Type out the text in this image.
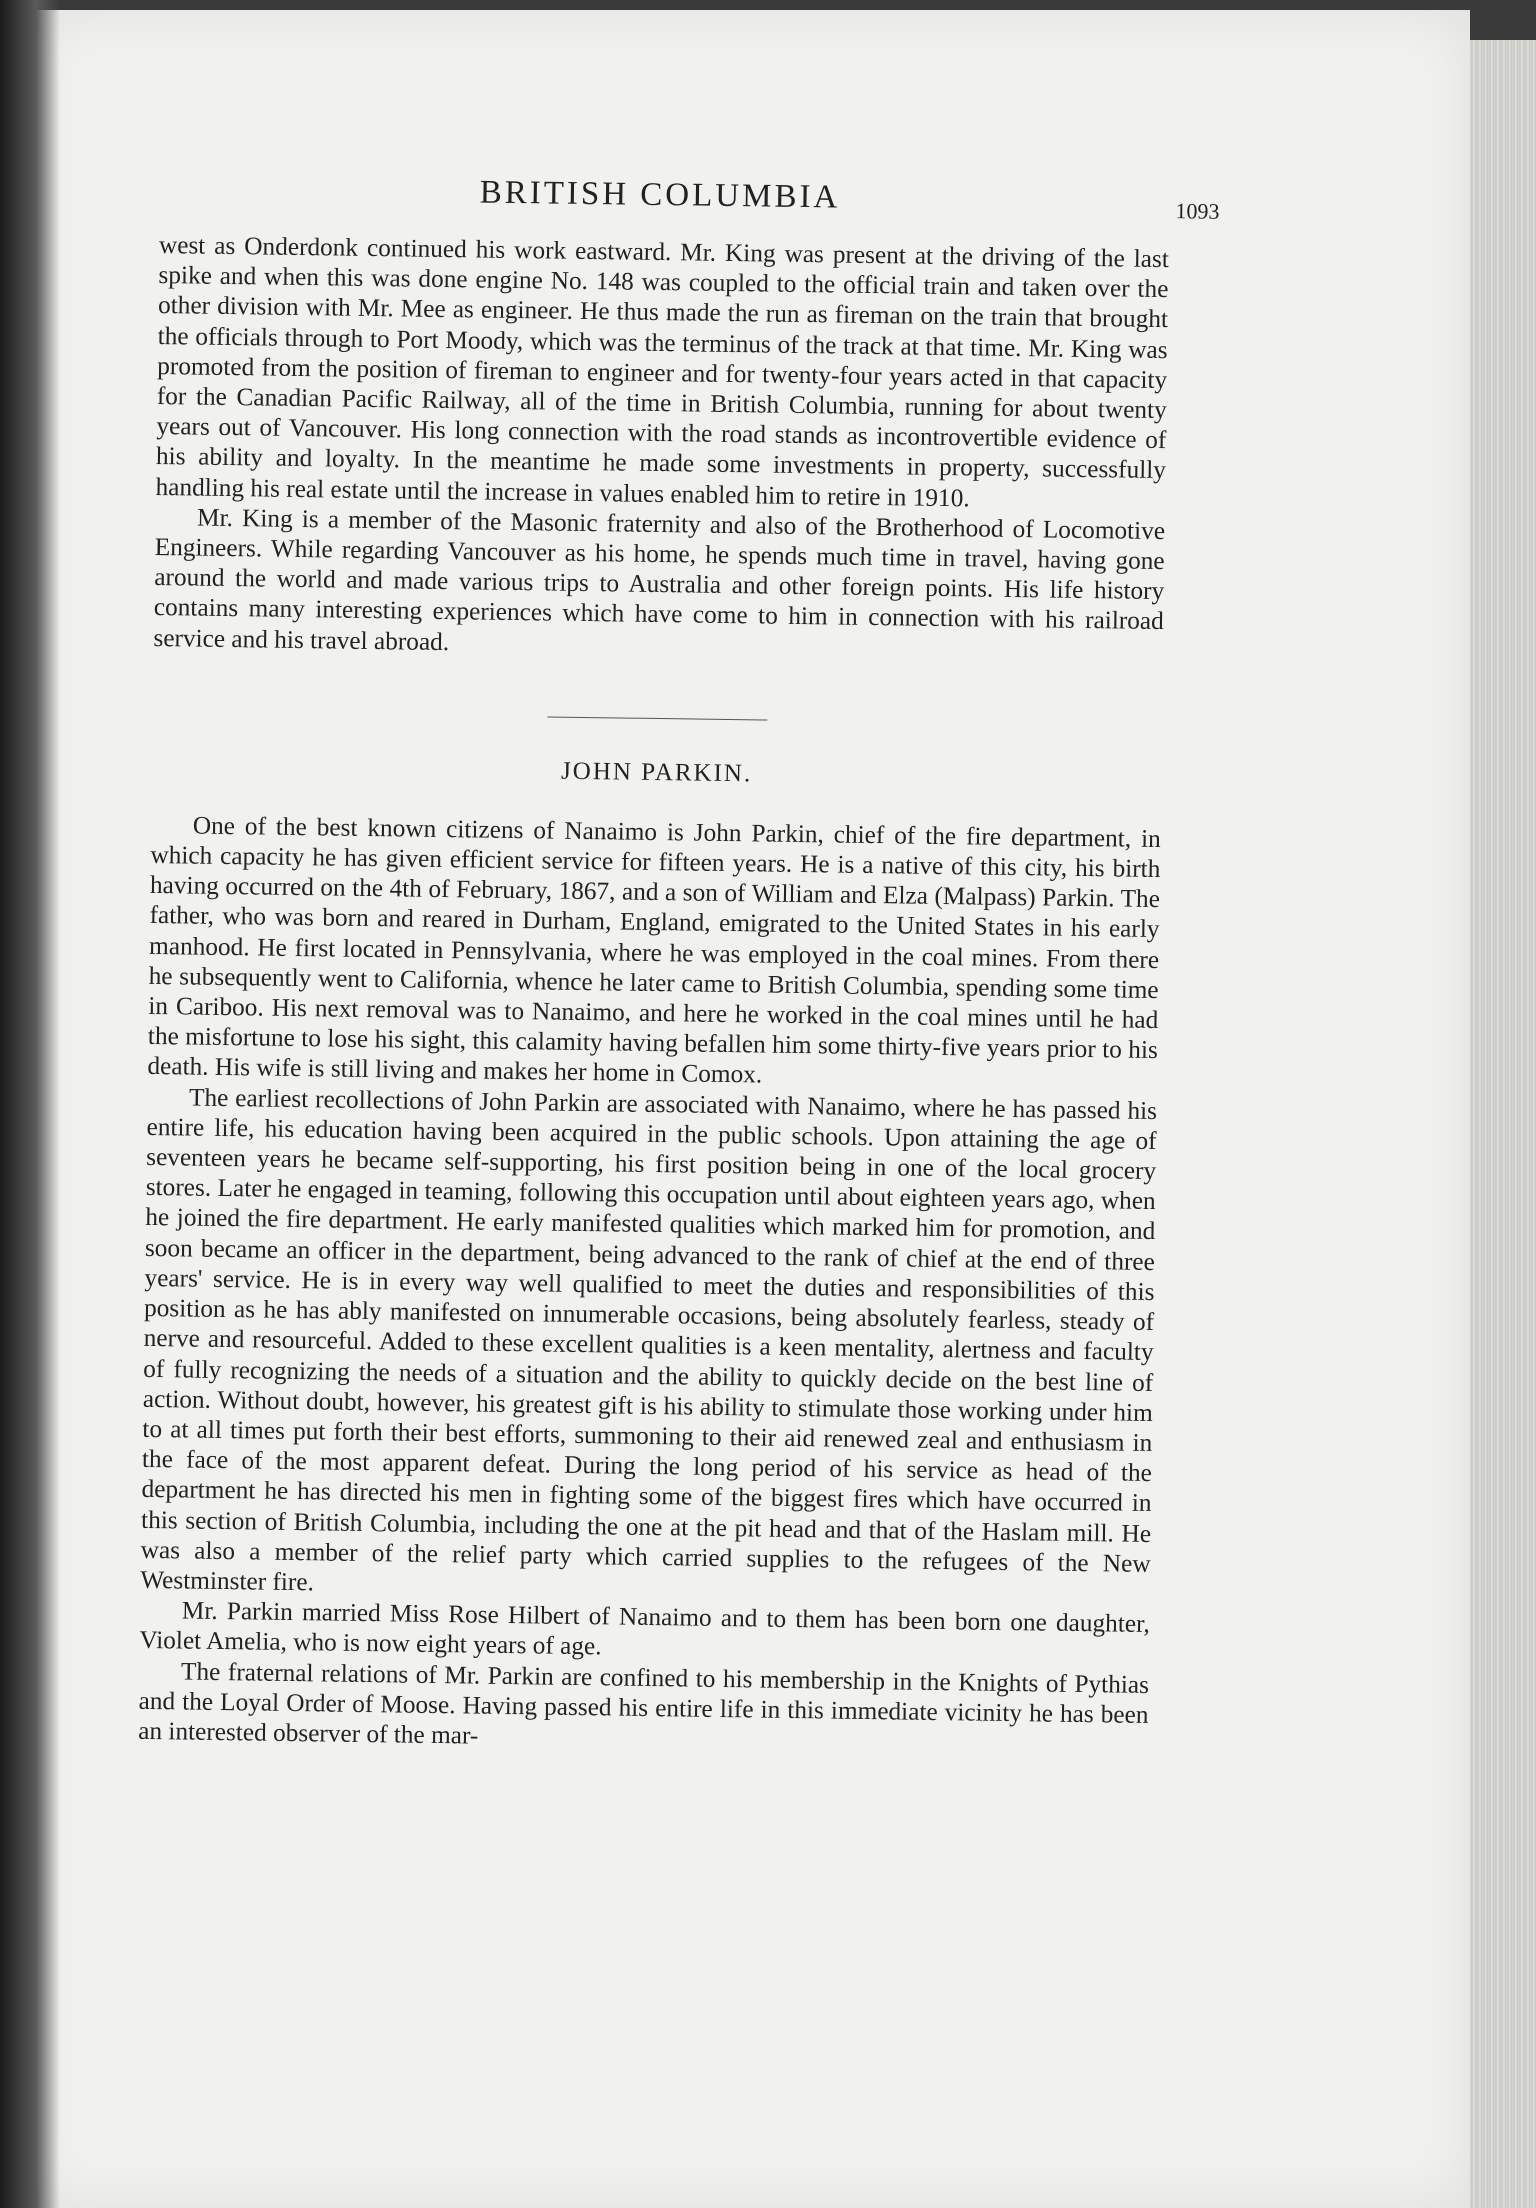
BRITISH COLUMBIA	1093

west as Onderdonk continued his work eastward. Mr. King was present at the driving of the last spike and when this was done engine No. 148 was coupled to the official train and taken over the other division with Mr. Mee as engineer. He thus made the run as fireman on the train that brought the officials through to Port Moody, which was the terminus of the track at that time. Mr. King was promoted from the position of fireman to engineer and for twenty-four years acted in that capacity for the Canadian Pacific Railway, all of the time in British Columbia, running for about twenty years out of Vancouver. His long connection with the road stands as incontrovertible evidence of his ability and loyalty. In the meantime he made some investments in property, successfully handling his real estate until the increase in values enabled him to retire in 1910.

Mr. King is a member of the Masonic fraternity and also of the Brotherhood of Locomotive Engineers. While regarding Vancouver as his home, he spends much time in travel, having gone around the world and made various trips to Australia and other foreign points. His life history contains many interesting experiences which have come to him in connection with his railroad service and his travel abroad.

JOHN PARKIN.

One of the best known citizens of Nanaimo is John Parkin, chief of the fire department, in which capacity he has given efficient service for fifteen years. He is a native of this city, his birth having occurred on the 4th of February, 1867, and a son of William and Elza (Malpass) Parkin. The father, who was born and reared in Durham, England, emigrated to the United States in his early manhood. He first located in Pennsylvania, where he was employed in the coal mines. From there he subsequently went to California, whence he later came to British Columbia, spending some time in Cariboo. His next removal was to Nanaimo, and here he worked in the coal mines until he had the misfortune to lose his sight, this calamity having befallen him some thirty-five years prior to his death. His wife is still living and makes her home in Comox.

The earliest recollections of John Parkin are associated with Nanaimo, where he has passed his entire life, his education having been acquired in the public schools. Upon attaining the age of seventeen years he became self-supporting, his first position being in one of the local grocery stores. Later he engaged in teaming, following this occupation until about eighteen years ago, when he joined the fire department. He early manifested qualities which marked him for promotion, and soon became an officer in the department, being advanced to the rank of chief at the end of three years' service. He is in every way well qualified to meet the duties and responsibilities of this position as he has ably manifested on innumerable occasions, being absolutely fearless, steady of nerve and resourceful. Added to these excellent qualities is a keen mentality, alertness and faculty of fully recognizing the needs of a situation and the ability to quickly decide on the best line of action. Without doubt, however, his greatest gift is his ability to stimulate those working under him to at all times put forth their best efforts, summoning to their aid renewed zeal and enthusiasm in the face of the most apparent defeat. During the long period of his service as head of the department he has directed his men in fighting some of the biggest fires which have occurred in this section of British Columbia, including the one at the pit head and that of the Haslam mill. He was also a member of the relief party which carried supplies to the refugees of the New Westminster fire.

Mr. Parkin married Miss Rose Hilbert of Nanaimo and to them has been born one daughter, Violet Amelia, who is now eight years of age.

The fraternal relations of Mr. Parkin are confined to his membership in the Knights of Pythias and the Loyal Order of Moose. Having passed his entire life in this immediate vicinity he has been an interested observer of the mar-
